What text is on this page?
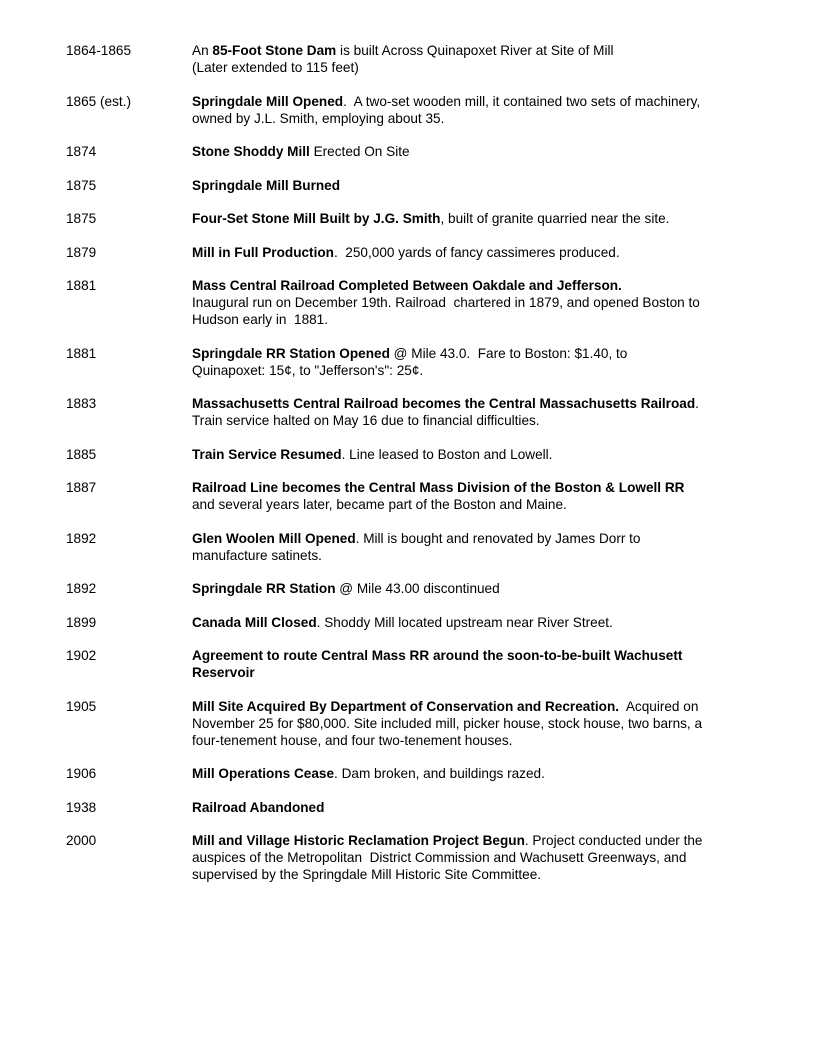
1864-1865	An 85-Foot Stone Dam is built Across Quinapoxet River at Site of Mill
(Later extended to 115 feet)
1865 (est.)	Springdale Mill Opened.  A two-set wooden mill, it contained two sets of machinery,
owned by J.L. Smith, employing about 35.
1874	Stone Shoddy Mill Erected On Site
1875	Springdale Mill Burned
1875	Four-Set Stone Mill Built by J.G. Smith, built of granite quarried near the site.
1879	Mill in Full Production.  250,000 yards of fancy cassimeres produced.
1881	Mass Central Railroad Completed Between Oakdale and Jefferson.
Inaugural run on December 19th. Railroad  chartered in 1879, and opened Boston to
Hudson early in  1881.
1881	Springdale RR Station Opened @ Mile 43.0.  Fare to Boston: $1.40, to
Quinapoxet: 15¢, to "Jefferson's": 25¢.
1883	Massachusetts Central Railroad becomes the Central Massachusetts Railroad.
Train service halted on May 16 due to financial difficulties.
1885	Train Service Resumed. Line leased to Boston and Lowell.
1887	Railroad Line becomes the Central Mass Division of the Boston & Lowell RR
and several years later, became part of the Boston and Maine.
1892	Glen Woolen Mill Opened. Mill is bought and renovated by James Dorr to
manufacture satinets.
1892	Springdale RR Station @ Mile 43.00 discontinued
1899	Canada Mill Closed. Shoddy Mill located upstream near River Street.
1902	Agreement to route Central Mass RR around the soon-to-be-built Wachusett
Reservoir
1905	Mill Site Acquired By Department of Conservation and Recreation.  Acquired on
November 25 for $80,000. Site included mill, picker house, stock house, two barns, a
four-tenement house, and four two-tenement houses.
1906	Mill Operations Cease. Dam broken, and buildings razed.
1938	Railroad Abandoned
2000	Mill and Village Historic Reclamation Project Begun. Project conducted under the
auspices of the Metropolitan  District Commission and Wachusett Greenways, and
supervised by the Springdale Mill Historic Site Committee.
